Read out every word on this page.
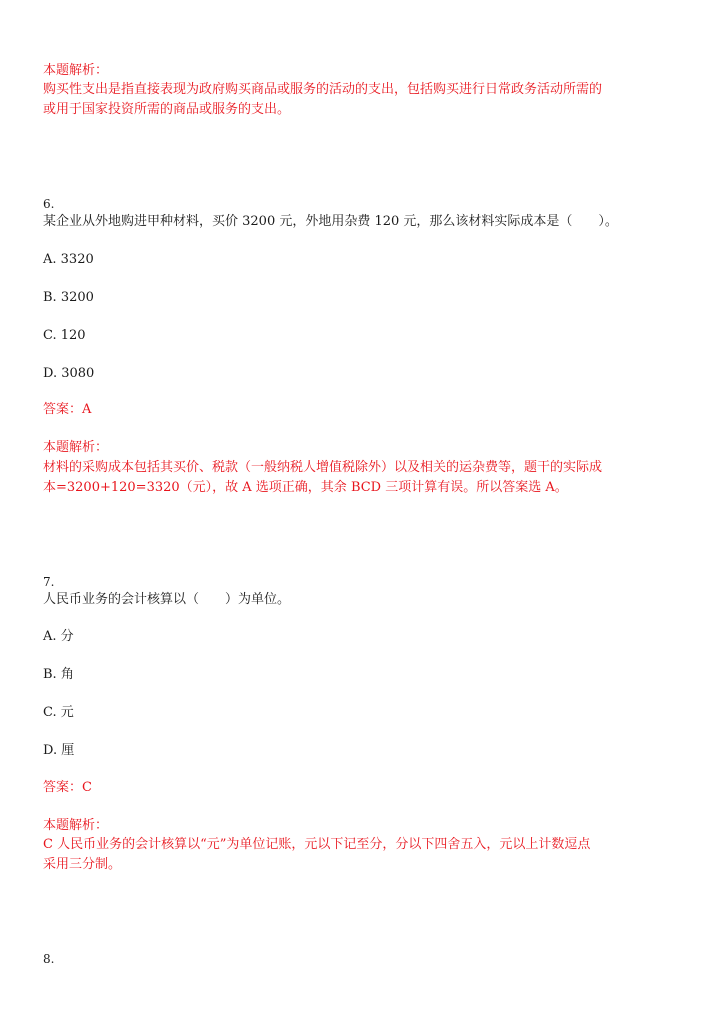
本题解析：
购买性支出是指直接表现为政府购买商品或服务的活动的支出，包括购买进行日常政务活动所需的
或用于国家投资所需的商品或服务的支出。
6.
某企业从外地购进甲种材料，买价 3200 元，外地用杂费 120 元，那么该材料实际成本是（　　）。
A. 3320
B. 3200
C. 120
D. 3080
答案：A
本题解析：
材料的采购成本包括其买价、税款（一般纳税人增值税除外）以及相关的运杂费等，题干的实际成
本=3200+120=3320（元），故 A 选项正确，其余 BCD 三项计算有误。所以答案选 A。
7.
人民币业务的会计核算以（　　）为单位。
A. 分
B. 角
C. 元
D. 厘
答案：C
本题解析：
C 人民币业务的会计核算以“元”为单位记账，元以下记至分，分以下四舍五入，元以上计数逗点
采用三分制。
8.
